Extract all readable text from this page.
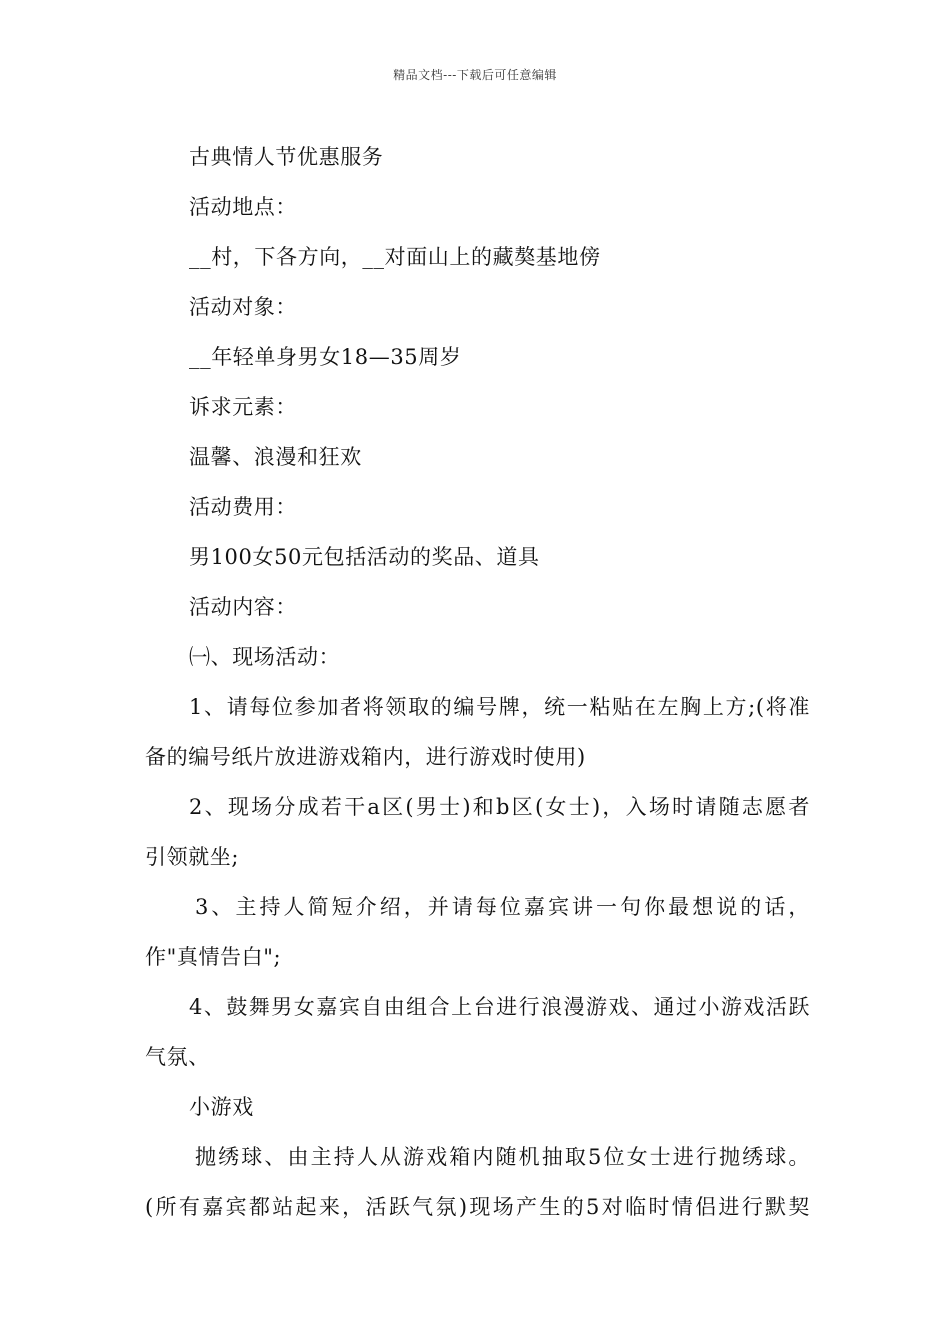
精品文档---下载后可任意编辑
古典情人节优惠服务
活动地点：
__村，下各方向，__对面山上的藏獒基地傍
活动对象：
__年轻单身男女18—35周岁
诉求元素：
温馨、浪漫和狂欢
活动费用：
男100女50元包括活动的奖品、道具
活动内容：
㈠、现场活动：
1、请每位参加者将领取的编号牌，统一粘贴在左胸上方;(将准
备的编号纸片放进游戏箱内，进行游戏时使用)
2、现场分成若干a区(男士)和b区(女士)，入场时请随志愿者
引领就坐;
3、主持人简短介绍，并请每位嘉宾讲一句你最想说的话，
作"真情告白";
4、鼓舞男女嘉宾自由组合上台进行浪漫游戏、通过小游戏活跃
气氛、
小游戏
抛绣球、由主持人从游戏箱内随机抽取5位女士进行抛绣球。
(所有嘉宾都站起来，活跃气氛)现场产生的5对临时情侣进行默契
